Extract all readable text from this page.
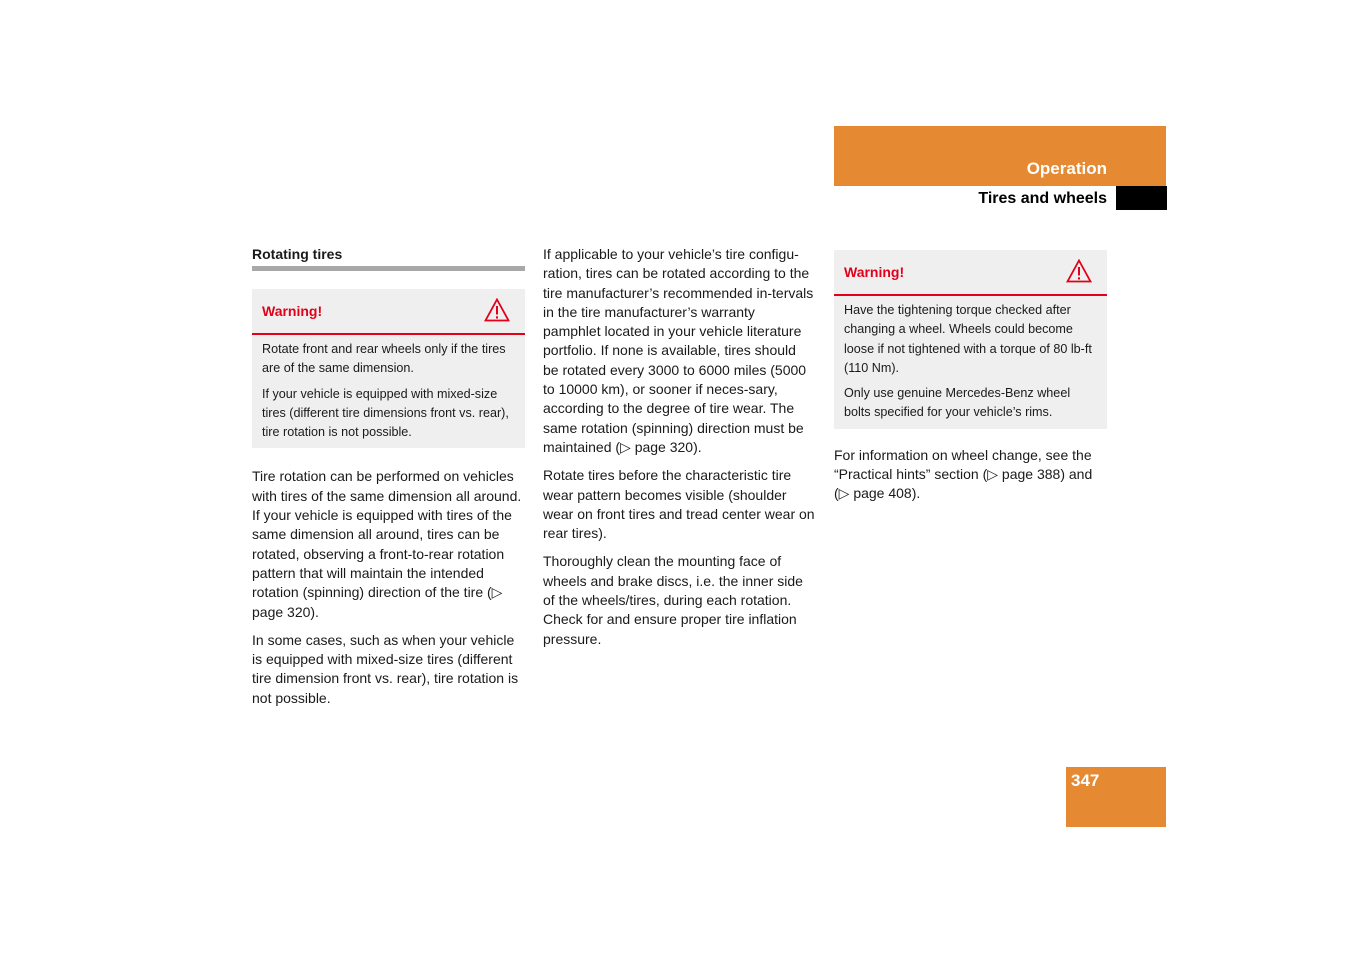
Operation
Tires and wheels
Rotating tires
Warning!

Rotate front and rear wheels only if the tires are of the same dimension.

If your vehicle is equipped with mixed-size tires (different tire dimensions front vs. rear), tire rotation is not possible.

Tire rotation can be performed on vehicles with tires of the same dimension all around. If your vehicle is equipped with tires of the same dimension all around, tires can be rotated, observing a front-to-rear rotation pattern that will maintain the intended rotation (spinning) direction of the tire (▷ page 320).

In some cases, such as when your vehicle is equipped with mixed-size tires (different tire dimension front vs. rear), tire rotation is not possible.

If applicable to your vehicle’s tire configu-ration, tires can be rotated according to the tire manufacturer’s recommended in-tervals in the tire manufacturer’s warranty pamphlet located in your vehicle literature portfolio. If none is available, tires should be rotated every 3000 to 6000 miles (5000 to 10000 km), or sooner if neces-sary, according to the degree of tire wear. The same rotation (spinning) direction must be maintained (▷ page 320).

Rotate tires before the characteristic tire wear pattern becomes visible (shoulder wear on front tires and tread center wear on rear tires).

Thoroughly clean the mounting face of wheels and brake discs, i.e. the inner side of the wheels/tires, during each rotation. Check for and ensure proper tire inflation pressure.

Warning!

Have the tightening torque checked after changing a wheel. Wheels could become loose if not tightened with a torque of 80 lb-ft (110 Nm).

Only use genuine Mercedes-Benz wheel bolts specified for your vehicle’s rims.

For information on wheel change, see the “Practical hints” section (▷ page 388) and (▷ page 408).

347
